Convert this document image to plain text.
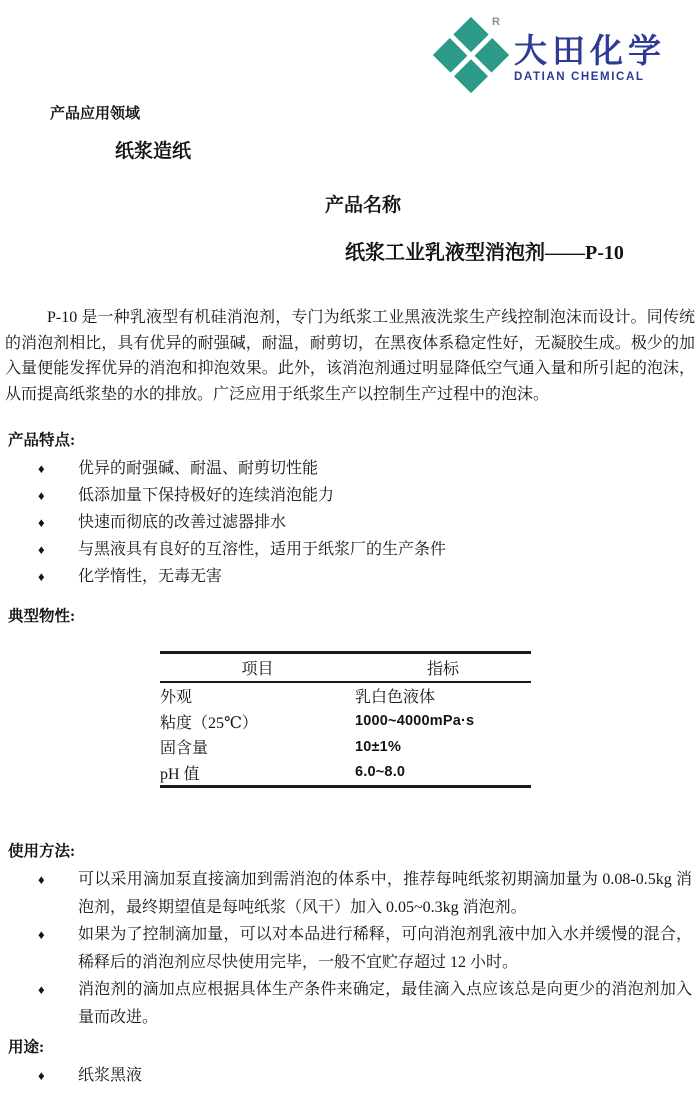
R
大田化学
DATIAN CHEMICAL
产品应用领域
纸浆造纸
产品名称
纸浆工业乳液型消泡剂——P-10
P-10 是一种乳液型有机硅消泡剂，专门为纸浆工业黑液洗浆生产线控制泡沫而设计。同传统的消泡剂相比，具有优异的耐强碱，耐温，耐剪切，在黑夜体系稳定性好，无凝胶生成。极少的加入量便能发挥优异的消泡和抑泡效果。此外，该消泡剂通过明显降低空气通入量和所引起的泡沫，从而提高纸浆垫的水的排放。广泛应用于纸浆生产以控制生产过程中的泡沫。
产品特点:
♦	优异的耐强碱、耐温、耐剪切性能
♦	低添加量下保持极好的连续消泡能力
♦	快速而彻底的改善过滤器排水
♦	与黑液具有良好的互溶性，适用于纸浆厂的生产条件
♦	化学惰性，无毒无害
典型物性:
项目	指标
外观	乳白色液体
粘度（25℃）	1000~4000mPa·s
固含量	10±1%
pH 值	6.0~8.0
使用方法:
♦	可以采用滴加泵直接滴加到需消泡的体系中，推荐每吨纸浆初期滴加量为 0.08-0.5kg 消泡剂，最终期望值是每吨纸浆（风干）加入 0.05~0.3kg 消泡剂。
♦	如果为了控制滴加量，可以对本品进行稀释，可向消泡剂乳液中加入水并缓慢的混合，稀释后的消泡剂应尽快使用完毕，一般不宜贮存超过 12 小时。
♦	消泡剂的滴加点应根据具体生产条件来确定，最佳滴入点应该总是向更少的消泡剂加入量而改进。
用途:
♦	纸浆黑液
